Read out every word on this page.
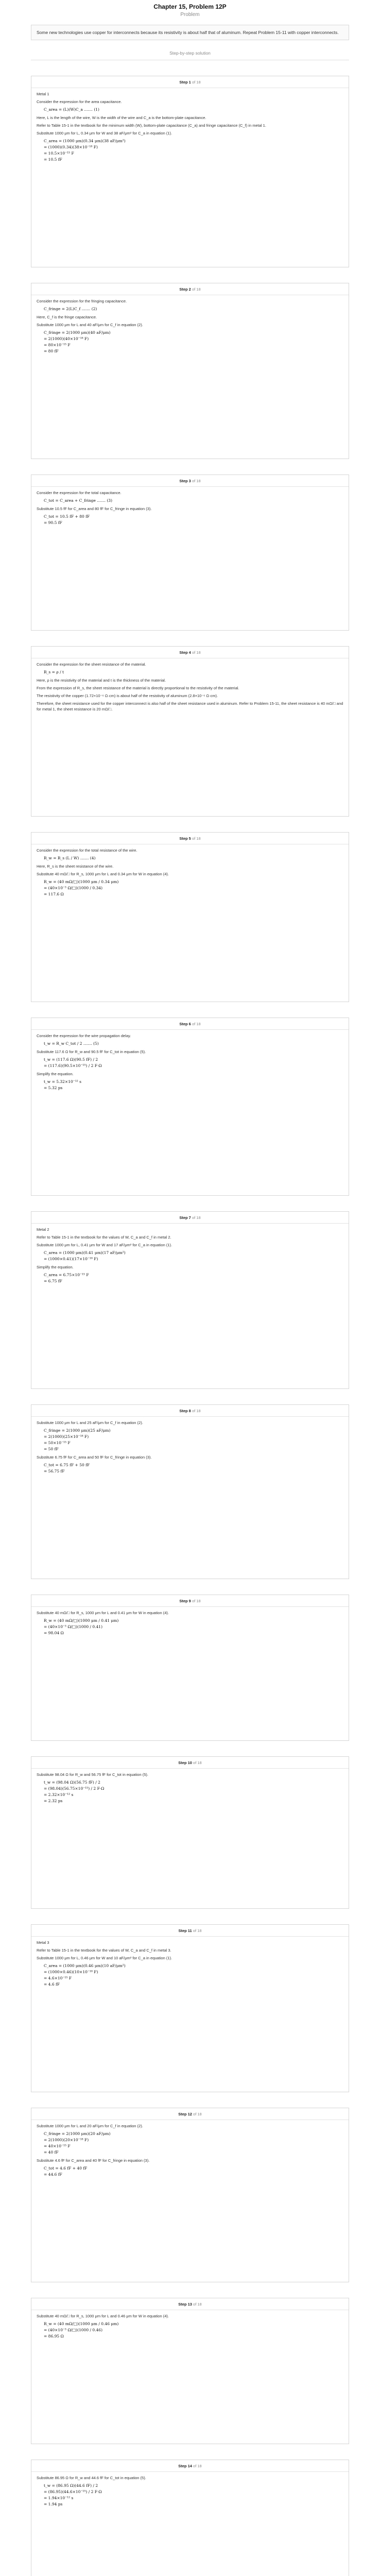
Chapter 15, Problem 12P
Problem
Some new technologies use copper for interconnects because its resistivity is about half that of aluminum. Repeat Problem 15-11 with copper interconnects.
Step-by-step solution
Step 1 of 18

Metal 1

Consider the expression for the area capacitance.

C_area = (L)(W)C_a ....... (1)

Here, L is the length of the wire, W is the width of the wire and C_a is the bottom-plate capacitance.

Refer to Table 15-1 in the textbook for the minimum width (W), bottom-plate capacitance (C_a) and fringe capacitance (C_f) in metal 1.

Substitute 1000 μm for L, 0.34 μm for W and 38 aF/μm² for C_a in equation (1).

C_area = (1000 μm)(0.34 μm)(38 aF/μm²)
= (1000)(0.34)(38×10⁻¹⁸ F)
= 10.5×10⁻¹⁵ F
= 10.5 fF
Step 2 of 18

Consider the expression for the fringing capacitance.

C_fringe = 2(L)C_f ....... (2)

Here, C_f is the fringe capacitance.

Substitute 1000 μm for L and 40 aF/μm for C_f in equation (2).

C_fringe = 2(1000 μm)(40 aF/μm)
= 2(1000)(40×10⁻¹⁸ F)
= 80×10⁻¹⁵ F
= 80 fF
Step 3 of 18

Consider the expression for the total capacitance.

C_tot = C_area + C_fringe ....... (3)

Substitute 10.5 fF for C_area and 80 fF for C_fringe in equation (3).

C_tot = 10.5 fF + 80 fF
= 90.5 fF
Step 4 of 18

Consider the expression for the sheet resistance of the material.

R_s = ρ / t

Here, ρ is the resistivity of the material and t is the thickness of the material.

From the expression of R_s, the sheet resistance of the material is directly proportional to the resistivity of the material.

The resistivity of the copper (1.72×10⁻⁶ Ω·cm) is about half of the resistivity of aluminum (2.8×10⁻⁶ Ω·cm).

Therefore, the sheet resistance used for the copper interconnect is also half of the sheet resistance used in aluminum. Refer to Problem 15-11, the sheet resistance is 40 mΩ/□ and for metal 1, the sheet resistance is 20 mΩ/□.

Step 5 of 18

Consider the expression for the total resistance of the wire.

R_w = R_s (L / W) ....... (4)

Here, R_s is the sheet resistance of the wire.

Substitute 40 mΩ/□ for R_s, 1000 μm for L and 0.34 μm for W in equation (4).

R_w = (40 mΩ/□)(1000 μm / 0.34 μm)
= (40×10⁻³ Ω/□)(1000 / 0.34)
= 117.6 Ω
Step 6 of 18

Consider the expression for the wire propagation delay.

t_w = R_w C_tot / 2 ....... (5)

Substitute 117.6 Ω for R_w and 90.5 fF for C_tot in equation (5).

t_w = (117.6 Ω)(90.5 fF) / 2
= (117.6)(90.5×10⁻¹⁵) / 2 F·Ω

Simplify the equation.

t_w = 5.32×10⁻¹² s
= 5.32 ps
Step 7 of 18

Metal 2

Refer to Table 15-1 in the textbook for the values of W, C_a and C_f in metal 2.

Substitute 1000 μm for L, 0.41 μm for W and 17 aF/μm² for C_a in equation (1).

C_area = (1000 μm)(0.41 μm)(17 aF/μm²)
= (1000×0.41)(17×10⁻¹⁸ F)

Simplify the equation.

C_area = 6.75×10⁻¹⁵ F
= 6.75 fF
Step 8 of 18

Substitute 1000 μm for L and 25 aF/μm for C_f in equation (2).

C_fringe = 2(1000 μm)(25 aF/μm)
= 2(1000)(25×10⁻¹⁸ F)
= 50×10⁻¹⁵ F
= 50 fF

Substitute 6.75 fF for C_area and 50 fF for C_fringe in equation (3).

C_tot = 6.75 fF + 50 fF
= 56.75 fF
Step 9 of 18

Substitute 40 mΩ/□ for R_s, 1000 μm for L and 0.41 μm for W in equation (4).

R_w = (40 mΩ/□)(1000 μm / 0.41 μm)
= (40×10⁻³ Ω/□)(1000 / 0.41)
= 98.04 Ω
Step 10 of 18

Substitute 98.04 Ω for R_w and 56.75 fF for C_tot in equation (5).

t_w = (98.04 Ω)(56.75 fF) / 2
= (98.04)(56.75×10⁻¹⁵) / 2 F·Ω
= 2.32×10⁻¹² s
= 2.32 ps
Step 11 of 18

Metal 3

Refer to Table 15-1 in the textbook for the values of W, C_a and C_f in metal 3.

Substitute 1000 μm for L, 0.46 μm for W and 10 aF/μm² for C_a in equation (1).

C_area = (1000 μm)(0.46 μm)(10 aF/μm²)
= (1000×0.46)(10×10⁻¹⁸ F)
= 4.6×10⁻¹⁵ F
= 4.6 fF
Step 12 of 18

Substitute 1000 μm for L and 20 aF/μm for C_f in equation (2).

C_fringe = 2(1000 μm)(20 aF/μm)
= 2(1000)(20×10⁻¹⁸ F)
= 40×10⁻¹⁵ F
= 40 fF

Substitute 4.6 fF for C_area and 40 fF for C_fringe in equation (3).

C_tot = 4.6 fF + 40 fF
= 44.6 fF
Step 13 of 18

Substitute 40 mΩ/□ for R_s, 1000 μm for L and 0.46 μm for W in equation (4).

R_w = (40 mΩ/□)(1000 μm / 0.46 μm)
= (40×10⁻³ Ω/□)(1000 / 0.46)
= 86.95 Ω
Step 14 of 18

Substitute 86.95 Ω for R_w and 44.6 fF for C_tot in equation (5).

t_w = (86.95 Ω)(44.6 fF) / 2
= (86.95)(44.6×10⁻¹⁵) / 2 F·Ω
= 1.94×10⁻¹² s
= 1.94 ps
